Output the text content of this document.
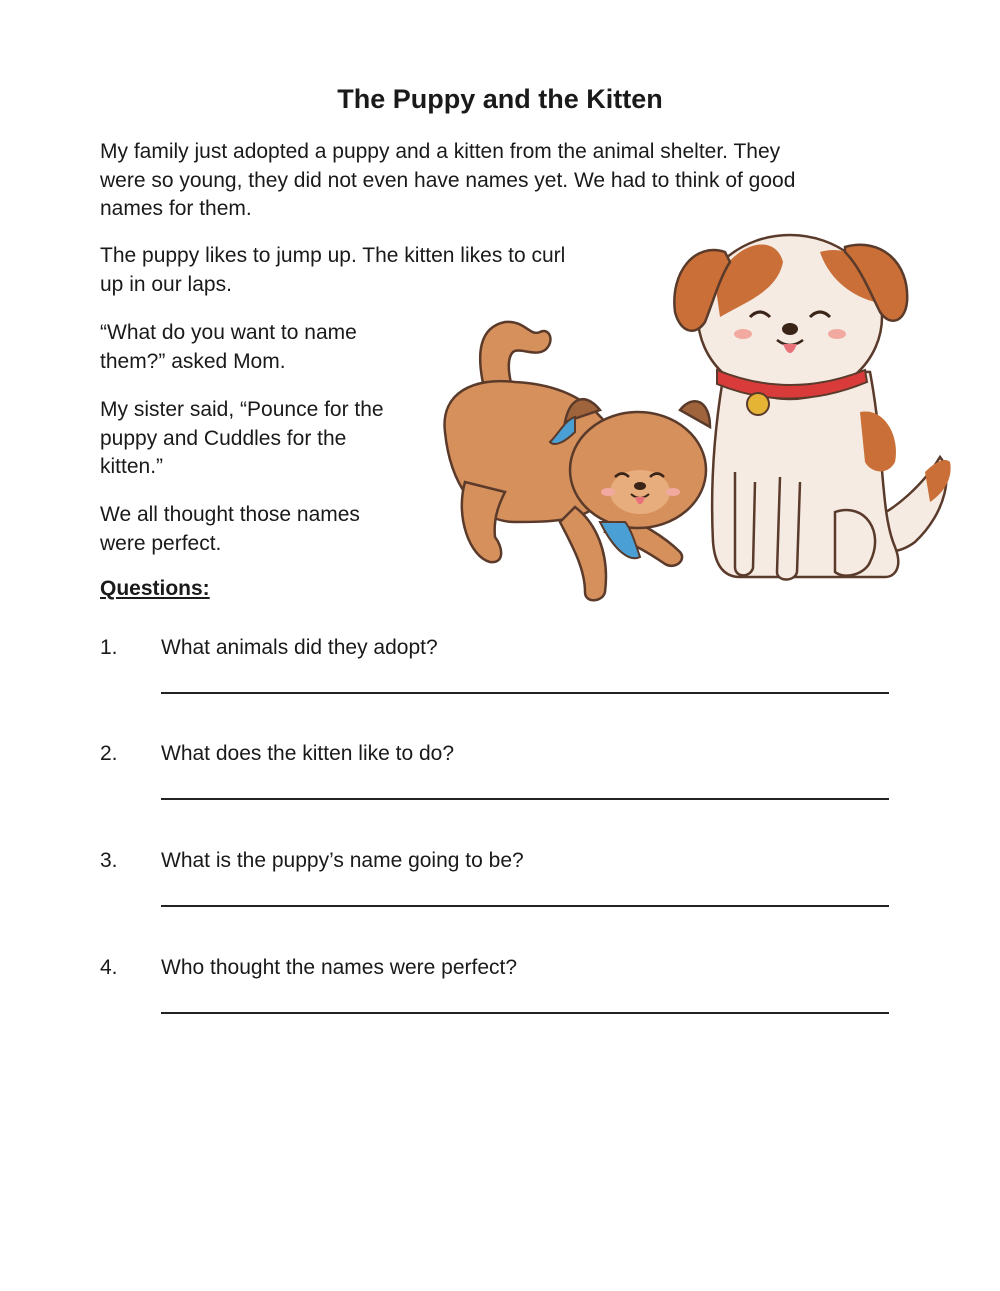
The Puppy and the Kitten

My family just adopted a puppy and a kitten from the animal shelter. They
were so young, they did not even have names yet. We had to think of good
names for them.

The puppy likes to jump up. The kitten likes to curl
up in our laps.

“What do you want to name
them?” asked Mom.

My sister said, “Pounce for the
puppy and Cuddles for the
kitten.”

We all thought those names
were perfect.

Questions:
1. What animals did they adopt?
2. What does the kitten like to do?
3. What is the puppy’s name going to be?
4. Who thought the names were perfect?
